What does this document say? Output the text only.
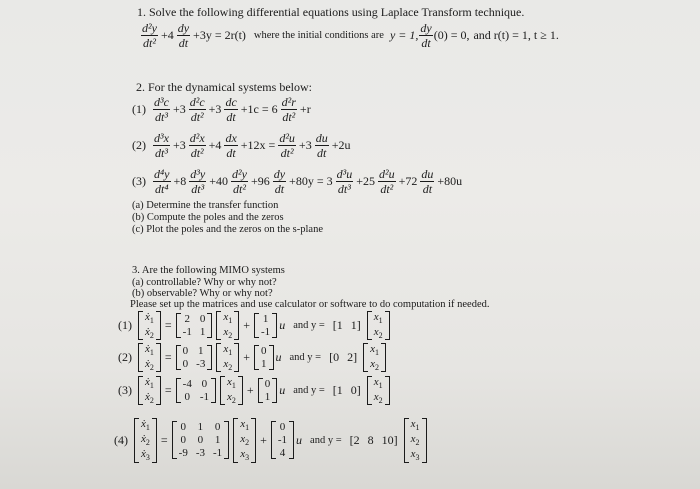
1. Solve the following differential equations using Laplace Transform technique.
$\frac{\text{d²y}}{\text{dt²}} +4 \frac{dy}{dt} +3y = 2r(t)$ where the initial conditions are y = 1, $\frac{dy}{dt} (0) = 0$, and r(t) = 1, t ≥ 1.
2. For the dynamical systems below:
$(1) \frac{\text{d³c}}{\text{dt³}} +3 \frac{\text{d²c}}{\text{dt²}} +3 \frac{dc}{dt} +1c = 6 \frac{\text{d²r}}{\text{dt²}} +r$
$(2) \frac{\text{d³x}}{\text{dt³}} +3 \frac{\text{d²x}}{\text{dt²}} +4 \frac{dx}{dt} +12x = \frac{\text{d²u}}{\text{dt²}} +3 \frac{du}{dt} +2u$
$(3) \frac{\text{d⁴y}}{\text{dt⁴}} +8 \frac{\text{d³y}}{\text{dt³}} +40 \frac{\text{d²y}}{\text{dt²}} +96 \frac{dy}{dt} +80y = 3 \frac{\text{d³u}}{\text{dt³}} +25 \frac{\text{d²u}}{\text{dt²}} +72 \frac{du}{dt} +80u$
(a) Determine the transfer function
(b) Compute the poles and the zeros
(c) Plot the poles and the zeros on the s-plane
3. Are the following MIMO systems
(a) controllable? Why or why not?
(b) observable? Why or why not?
Please set up the matrices and use calculator or software to do computation if needed.
(1)
ẋ$_1$
ẋ$_2$
= 2 0
-1 1
$x_1$
$x_2$
+ 1
-1 u and y = [1 1]
$x_1$
$x_2$
(2)
ẋ$_1$
ẋ$_2$
= 0 1
0 -3
$x_1$
$x_2$
+ 0
1 u and y = [0 2]
$x_1$
$x_2$
(3)
ẋ$_1$
ẋ$_2$
= -4 0
0 -1
$x_1$
$x_2$
+ 0
1 u and y = [1 0]
$x_1$
$x_2$
(4)
ẋ$_1$
ẋ$_2$
ẋ$_3$
=
0 1 0
0 0 1
-9 -3 -1
$x_1$
$x_2$
$x_3$
+
0
-1
4
u and y = [2 8 10]
$x_1$
$x_2$
$x_3$
